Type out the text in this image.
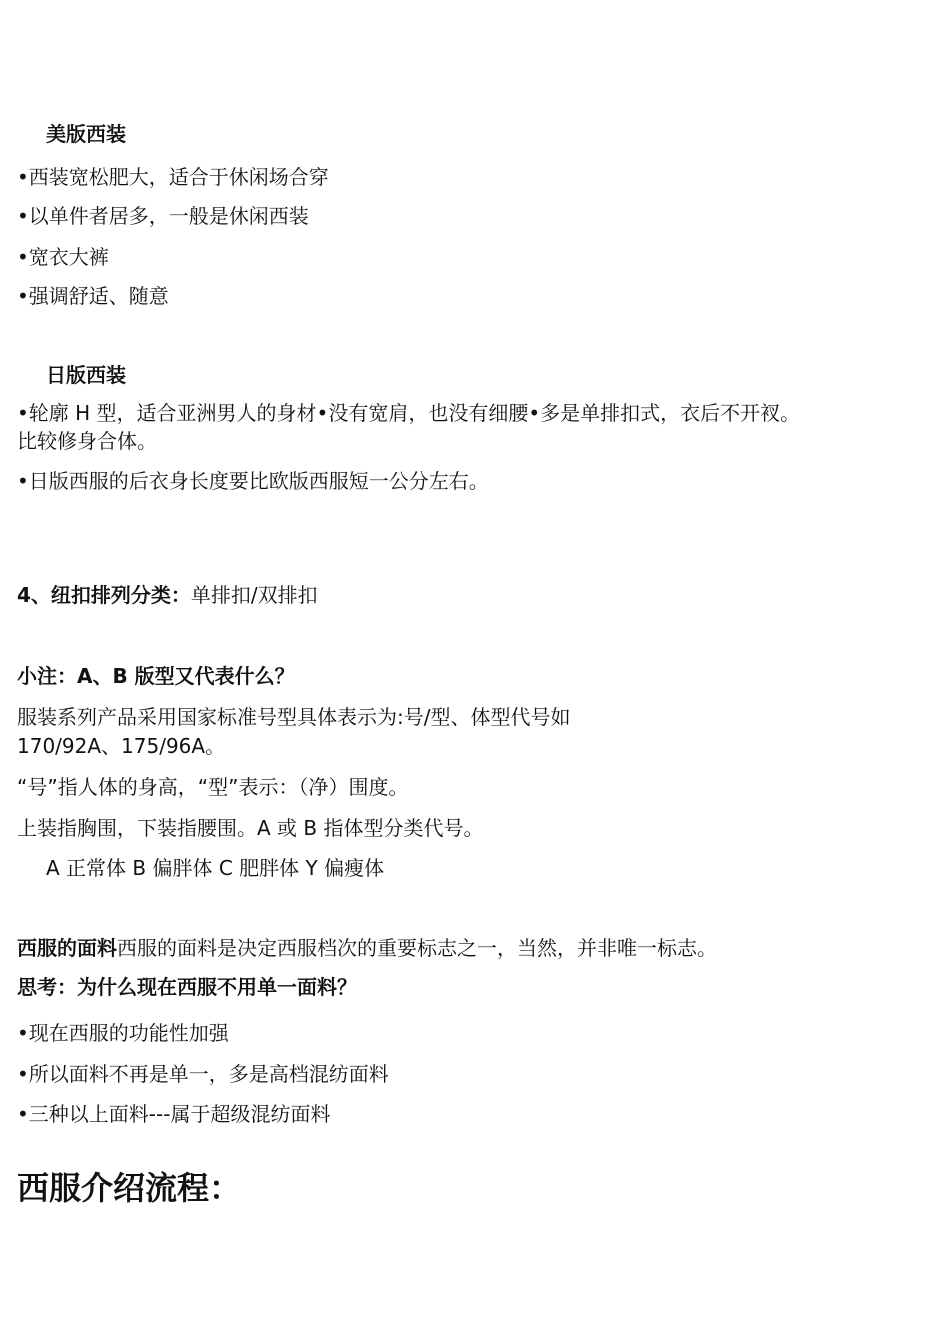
美版西装
•西装宽松肥大，适合于休闲场合穿
•以单件者居多，一般是休闲西装
•宽衣大裤
•强调舒适、随意
日版西装
•轮廓 H 型，适合亚洲男人的身材•没有宽肩，也没有细腰•多是单排扣式，衣后不开衩。
比较修身合体。
•日版西服的后衣身长度要比欧版西服短一公分左右。
4、纽扣排列分类：单排扣/双排扣
小注：A、B 版型又代表什么？
服装系列产品采用国家标准号型具体表示为:号/型、体型代号如
170/92A、175/96A。
“号”指人体的身高，“型”表示：（净）围度。
上装指胸围，下装指腰围。A 或 B 指体型分类代号。
A 正常体 B 偏胖体 C 肥胖体 Y 偏瘦体
西服的面料西服的面料是决定西服档次的重要标志之一，当然，并非唯一标志。
思考：为什么现在西服不用单一面料？
•现在西服的功能性加强
•所以面料不再是单一，多是高档混纺面料
•三种以上面料---属于超级混纺面料
西服介绍流程：
